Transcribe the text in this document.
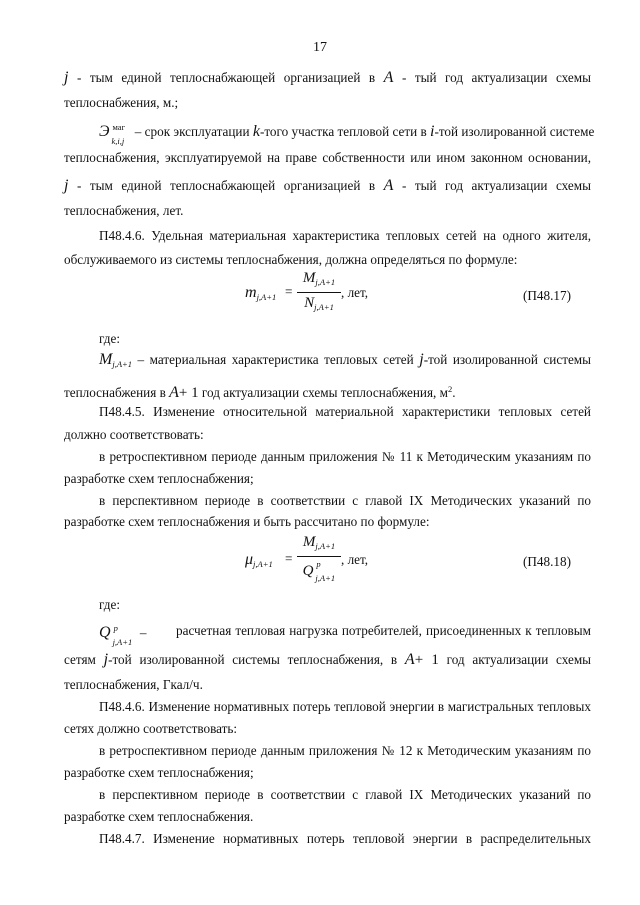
17
j - тым единой теплоснабжающей организацией в A - тый год актуализации схемы
теплоснабжения, м.;
Э маг
k,i,j
– срок эксплуатации k-того участка тепловой сети в i-той изолированной системе
теплоснабжения, эксплуатируемой на праве собственности или ином законном основании,
j - тым единой теплоснабжающей организацией в A - тый год актуализации схемы
теплоснабжения, лет.
П48.4.6. Удельная материальная характеристика тепловых сетей на одного жителя,
обслуживаемого из системы теплоснабжения, должна определяться по формуле:
$m_{j,A+1}$ =
$M_{j,A+1}$
$N_{j,A+1}$
, лет,	(П48.17)
где:
$M_{j,A+1}$ – материальная характеристика тепловых сетей j-той изолированной системы
теплоснабжения в A+ 1 год актуализации схемы теплоснабжения, $м^2$.
П48.4.5. Изменение относительной материальной характеристики тепловых сетей
должно соответствовать:
в ретроспективном периоде данным приложения № 11 к Методическим указаниям по
разработке схем теплоснабжения;
в перспективном периоде в соответствии с главой IX Методических указаний по
разработке схем теплоснабжения и быть рассчитано по формуле:
$\mu_{j,A+1}$ =
$M_{j,A+1}$
Q p
j,A+1
, лет,	(П48.18)
где:
Q p
j,A+1
– расчетная тепловая нагрузка потребителей, присоединенных к тепловым
сетям j-той изолированной системы теплоснабжения, в A+ 1 год актуализации схемы
теплоснабжения, Гкал/ч.
П48.4.6. Изменение нормативных потерь тепловой энергии в магистральных тепловых
сетях должно соответствовать:
в ретроспективном периоде данным приложения № 12 к Методическим указаниям по
разработке схем теплоснабжения;
в перспективном периоде в соответствии с главой IX Методических указаний по
разработке схем теплоснабжения.
П48.4.7. Изменение нормативных потерь тепловой энергии в распределительных
